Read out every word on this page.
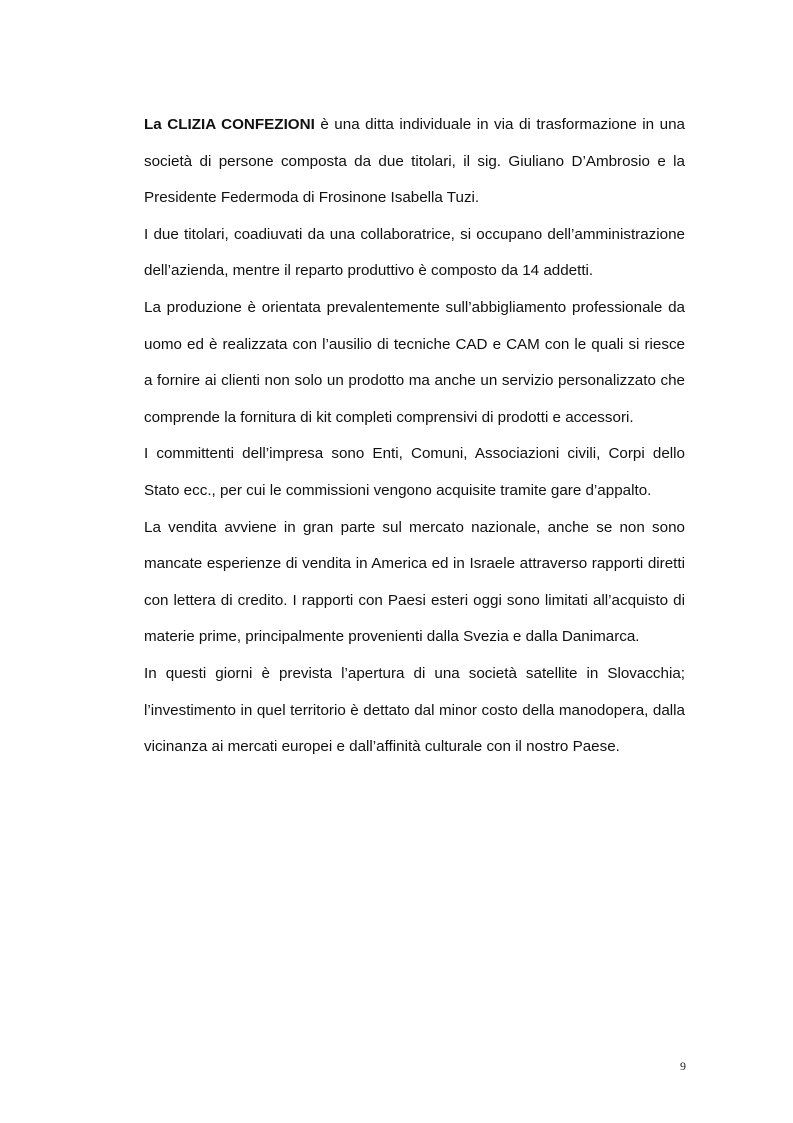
La CLIZIA CONFEZIONI è una ditta individuale in via di trasformazione in una società di persone composta da due titolari, il sig. Giuliano D’Ambrosio e la Presidente Federmoda di Frosinone Isabella Tuzi.

I due titolari, coadiuvati da una collaboratrice, si occupano dell’amministrazione dell’azienda, mentre il reparto produttivo è composto da 14 addetti.

La produzione è orientata prevalentemente sull’abbigliamento professionale da uomo ed è realizzata con l’ausilio di tecniche CAD e CAM con le quali si riesce a fornire ai clienti non solo un prodotto ma anche un servizio personalizzato che comprende la fornitura di kit completi comprensivi di prodotti e accessori.

I committenti dell’impresa sono Enti, Comuni, Associazioni civili, Corpi dello Stato ecc., per cui le commissioni vengono acquisite tramite gare d’appalto.

La vendita avviene in gran parte sul mercato nazionale, anche se non sono mancate esperienze di vendita in America ed in Israele attraverso rapporti diretti con lettera di credito. I rapporti con Paesi esteri oggi sono limitati all’acquisto di materie prime, principalmente provenienti dalla Svezia e dalla Danimarca.

In questi giorni è prevista l’apertura di una società satellite in Slovacchia; l’investimento in quel territorio è dettato dal minor costo della manodopera, dalla vicinanza ai mercati europei e dall’affinità culturale con il nostro Paese.

9
